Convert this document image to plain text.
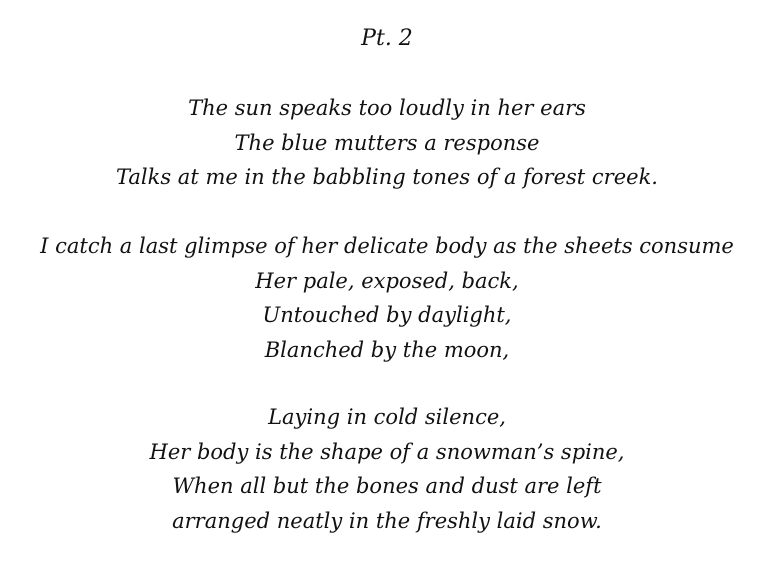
Pt. 2
The sun speaks too loudly in her ears
The blue mutters a response
Talks at me in the babbling tones of a forest creek.
I catch a last glimpse of her delicate body as the sheets consume
Her pale, exposed, back,
Untouched by daylight,
Blanched by the moon,
Laying in cold silence,
Her body is the shape of a snowman’s spine,
When all but the bones and dust are left
arranged neatly in the freshly laid snow.
